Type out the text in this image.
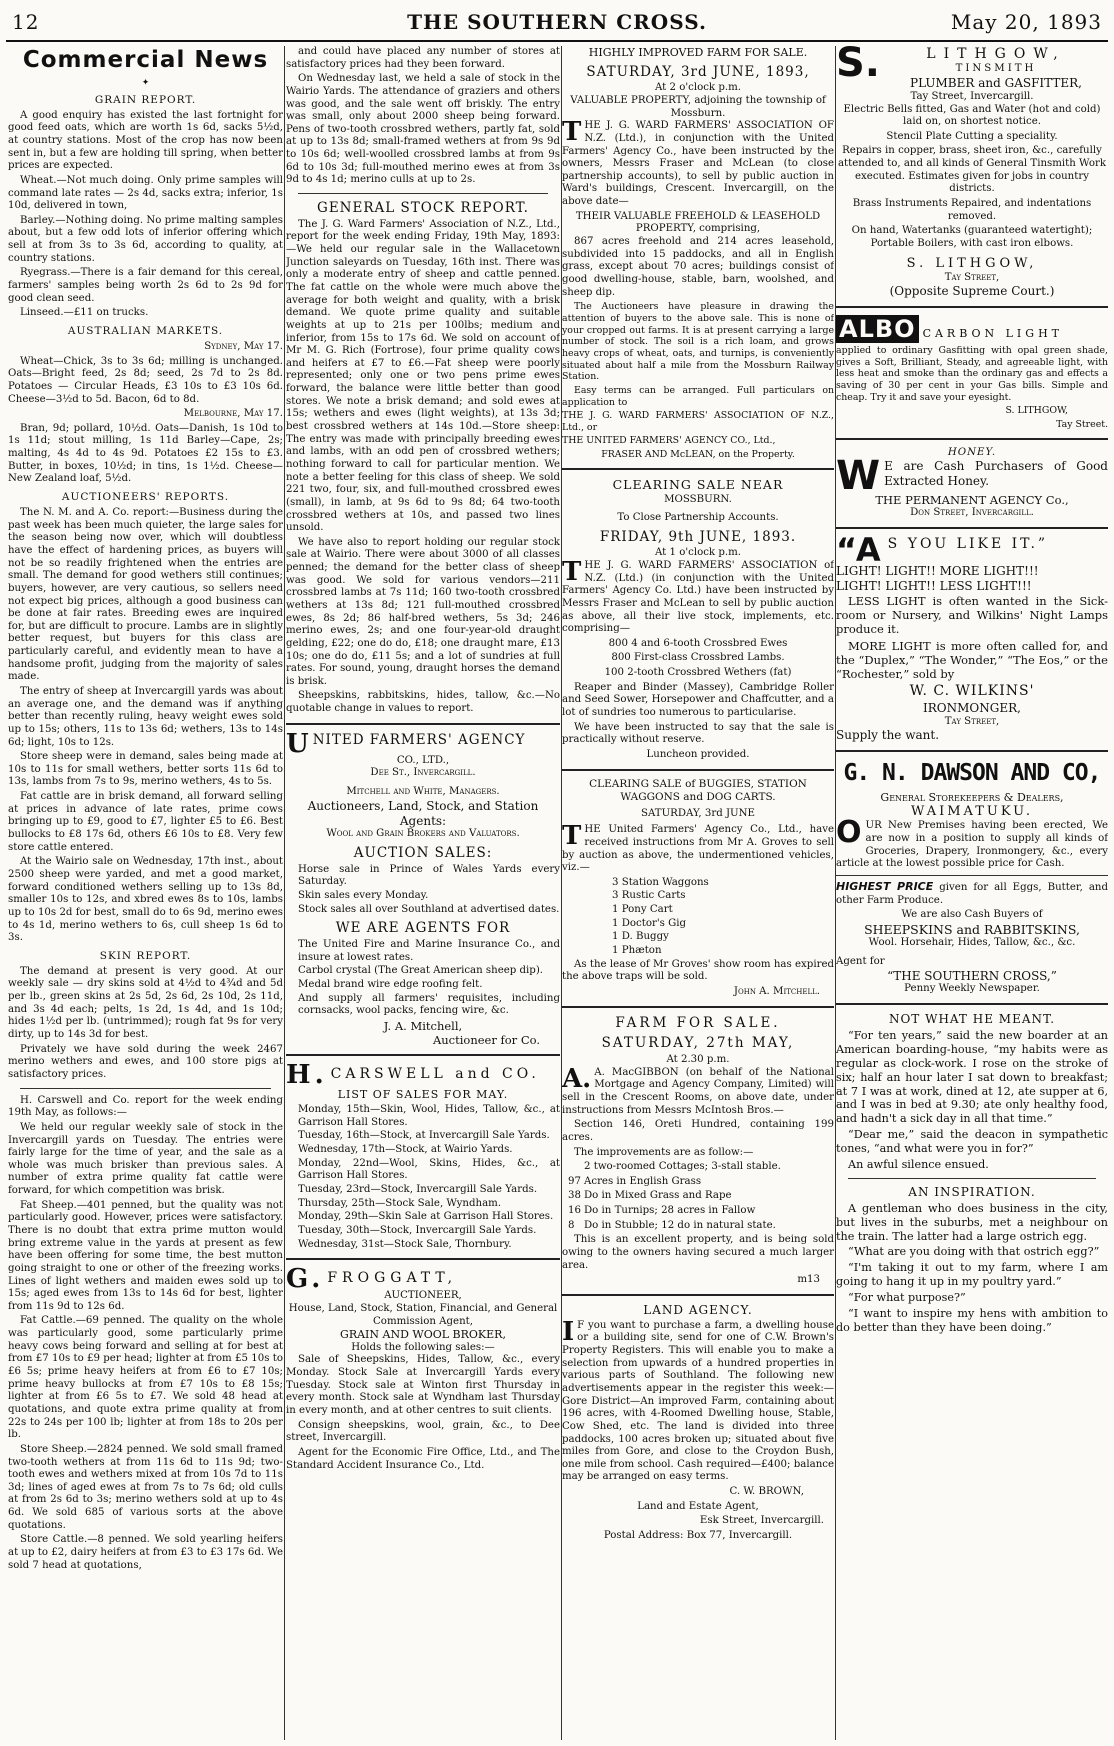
12	THE SOUTHERN CROSS.	May 20, 1893
Commercial News
✦
GRAIN REPORT.

A good enquiry has existed the last fortnight for good feed oats, which are worth 1s 6d, sacks 5½d, at country stations. Most of the crop has now been sent in, but a few are holding till spring, when better prices are expected.

Wheat.—Not much doing. Only prime samples will command late rates — 2s 4d, sacks extra; inferior, 1s 10d, delivered in town,

Barley.—Nothing doing. No prime malting samples about, but a few odd lots of inferior offering which sell at from 3s to 3s 6d, according to quality, at country stations.

Ryegrass.—There is a fair demand for this cereal, farmers' samples being worth 2s 6d to 2s 9d for good clean seed.

Linseed.—£11 on trucks.

AUSTRALIAN MARKETS.

Sydney, May 17.

Wheat—Chick, 3s to 3s 6d; milling is unchanged. Oats—Bright feed, 2s 8d; seed, 2s 7d to 2s 8d. Potatoes — Circular Heads, £3 10s to £3 10s 6d. Cheese—3½d to 5d. Bacon, 6d to 8d.

Melbourne, May 17.

Bran, 9d; pollard, 10½d. Oats—Danish, 1s 10d to 1s 11d; stout milling, 1s 11d Barley—Cape, 2s; malting, 4s 4d to 4s 9d. Potatoes £2 15s to £3. Butter, in boxes, 10½d; in tins, 1s 1½d. Cheese—New Zealand loaf, 5½d.

AUCTIONEERS' REPORTS.

The N. M. and A. Co. report:—Business during the past week has been much quieter, the large sales for the season being now over, which will doubtless have the effect of hardening prices, as buyers will not be so readily frightened when the entries are small. The demand for good wethers still continues; buyers, however, are very cautious, so sellers need not expect big prices, although a good business can be done at fair rates. Breeding ewes are inquired for, but are difficult to procure. Lambs are in slightly better request, but buyers for this class are particularly careful, and evidently mean to have a handsome profit, judging from the majority of sales made.

The entry of sheep at Invercargill yards was about an average one, and the demand was if anything better than recently ruling, heavy weight ewes sold up to 15s; others, 11s to 13s 6d; wethers, 13s to 14s 6d; light, 10s to 12s.

Store sheep were in demand, sales being made at 10s to 11s for small wethers, better sorts 11s 6d to 13s, lambs from 7s to 9s, merino wethers, 4s to 5s.

Fat cattle are in brisk demand, all forward selling at prices in advance of late rates, prime cows bringing up to £9, good to £7, lighter £5 to £6. Best bullocks to £8 17s 6d, others £6 10s to £8. Very few store cattle entered.

At the Wairio sale on Wednesday, 17th inst., about 2500 sheep were yarded, and met a good market, forward conditioned wethers selling up to 13s 8d, smaller 10s to 12s, and xbred ewes 8s to 10s, lambs up to 10s 2d for best, small do to 6s 9d, merino ewes to 4s 1d, merino wethers to 6s, cull sheep 1s 6d to 3s.

SKIN REPORT.

The demand at present is very good. At our weekly sale — dry skins sold at 4½d to 4¾d and 5d per lb., green skins at 2s 5d, 2s 6d, 2s 10d, 2s 11d, and 3s 4d each; pelts, 1s 2d, 1s 4d, and 1s 10d; hides 1½d per lb. (untrimmed); rough fat 9s for very dirty, up to 14s 3d for best.

Privately we have sold during the week 2467 merino wethers and ewes, and 100 store pigs at satisfactory prices.

H. Carswell and Co. report for the week ending 19th May, as follows:—

We held our regular weekly sale of stock in the Invercargill yards on Tuesday. The entries were fairly large for the time of year, and the sale as a whole was much brisker than previous sales. A number of extra prime quality fat cattle were forward, for which competition was brisk.

Fat Sheep.—401 penned, but the quality was not particularly good. However, prices were satisfactory. There is no doubt that extra prime mutton would bring extreme value in the yards at present as few have been offering for some time, the best mutton going straight to one or other of the freezing works. Lines of light wethers and maiden ewes sold up to 15s; aged ewes from 13s to 14s 6d for best, lighter from 11s 9d to 12s 6d.

Fat Cattle.—69 penned. The quality on the whole was particularly good, some particularly prime heavy cows being forward and selling at for best at from £7 10s to £9 per head; lighter at from £5 10s to £6 5s; prime heavy heifers at from £6 to £7 10s; prime heavy bullocks at from £7 10s to £8 15s; lighter at from £6 5s to £7. We sold 48 head at quotations, and quote extra prime quality at from 22s to 24s per 100 lb; lighter at from 18s to 20s per lb.

Store Sheep.—2824 penned. We sold small framed two-tooth wethers at from 11s 6d to 11s 9d; two-tooth ewes and wethers mixed at from 10s 7d to 11s 3d; lines of aged ewes at from 7s to 7s 6d; old culls at from 2s 6d to 3s; merino wethers sold at up to 4s 6d. We sold 685 of various sorts at the above quotations.

Store Cattle.—8 penned. We sold yearling heifers at up to £2, dairy heifers at from £3 to £3 17s 6d. We sold 7 head at quotations,

and could have placed any number of stores at satisfactory prices had they been forward.

On Wednesday last, we held a sale of stock in the Wairio Yards. The attendance of graziers and others was good, and the sale went off briskly. The entry was small, only about 2000 sheep being forward. Pens of two-tooth crossbred wethers, partly fat, sold at up to 13s 8d; small-framed wethers at from 9s 9d to 10s 6d; well-woolled crossbred lambs at from 9s 6d to 10s 3d; full-mouthed merino ewes at from 3s 9d to 4s 1d; merino culls at up to 2s.

GENERAL STOCK REPORT.

The J. G. Ward Farmers' Association of N.Z., Ltd., report for the week ending Friday, 19th May, 1893:—We held our regular sale in the Wallacetown Junction saleyards on Tuesday, 16th inst. There was only a moderate entry of sheep and cattle penned. The fat cattle on the whole were much above the average for both weight and quality, with a brisk demand. We quote prime quality and suitable weights at up to 21s per 100lbs; medium and inferior, from 15s to 17s 6d. We sold on account of Mr M. G. Rich (Fortrose), four prime quality cows and heifers at £7 to £6.—Fat sheep were poorly represented; only one or two pens prime ewes forward, the balance were little better than good stores. We note a brisk demand; and sold ewes at 15s; wethers and ewes (light weights), at 13s 3d; best crossbred wethers at 14s 10d.—Store sheep: The entry was made with principally breeding ewes and lambs, with an odd pen of crossbred wethers; nothing forward to call for particular mention. We note a better feeling for this class of sheep. We sold 221 two, four, six, and full-mouthed crossbred ewes (small), in lamb, at 9s 6d to 9s 8d; 64 two-tooth crossbred wethers at 10s, and passed two lines unsold.

We have also to report holding our regular stock sale at Wairio. There were about 3000 of all classes penned; the demand for the better class of sheep was good. We sold for various vendors—211 crossbred lambs at 7s 11d; 160 two-tooth crossbred wethers at 13s 8d; 121 full-mouthed crossbred ewes, 8s 2d; 86 half-bred wethers, 5s 3d; 246 merino ewes, 2s; and one four-year-old draught gelding, £22; one do do, £18; one draught mare, £13 10s; one do do, £11 5s; and a lot of sundries at full rates. For sound, young, draught horses the demand is brisk.

Sheepskins, rabbitskins, hides, tallow, &c.—No quotable change in values to report.

UNITED FARMERS' AGENCY
CO., LTD.,
Dee St., Invercargill.
Mitchell and White, Managers.
Auctioneers, Land, Stock, and Station Agents:
Wool and Grain Brokers and Valuators.
AUCTION SALES:

Horse sale in Prince of Wales Yards every Saturday.

Skin sales every Monday.

Stock sales all over Southland at advertised dates.

WE ARE AGENTS FOR

The United Fire and Marine Insurance Co., and insure at lowest rates.

Carbol crystal (The Great American sheep dip).

Medal brand wire edge roofing felt.

And supply all farmers' requisites, including cornsacks, wool packs, fencing wire, &c.

J. A. Mitchell,
Auctioneer for Co.
H. CARSWELL and CO.
LIST OF SALES FOR MAY.

Monday, 15th—Skin, Wool, Hides, Tallow, &c., at Garrison Hall Stores.

Tuesday, 16th—Stock, at Invercargill Sale Yards.

Wednesday, 17th—Stock, at Wairio Yards.

Monday, 22nd—Wool, Skins, Hides, &c., at Garrison Hall Stores.

Tuesday, 23rd—Stock, Invercargill Sale Yards.

Thursday, 25th—Stock Sale, Wyndham.

Monday, 29th—Skin Sale at Garrison Hall Stores.

Tuesday, 30th—Stock, Invercargill Sale Yards.

Wednesday, 31st—Stock Sale, Thornbury.

G. FROGGATT,
AUCTIONEER,
House, Land, Stock, Station, Financial, and General Commission Agent,
GRAIN AND WOOL BROKER,
Holds the following sales:—

Sale of Sheepskins, Hides, Tallow, &c., every Monday. Stock Sale at Invercargill Yards every Tuesday. Stock sale at Winton first Thursday in every month. Stock sale at Wyndham last Thursday in every month, and at other centres to suit clients.

Consign sheepskins, wool, grain, &c., to Dee street, Invercargill.

Agent for the Economic Fire Office, Ltd., and The Standard Accident Insurance Co., Ltd.

HIGHLY IMPROVED FARM FOR SALE.
SATURDAY, 3rd JUNE, 1893,
At 2 o'clock p.m.
VALUABLE PROPERTY, adjoining the township of Mossburn.

THE J. G. WARD FARMERS' ASSOCIATION OF N.Z. (Ltd.), in conjunction with the United Farmers' Agency Co., have been instructed by the owners, Messrs Fraser and McLean (to close partnership accounts), to sell by public auction in Ward's buildings, Crescent. Invercargill, on the above date—

THEIR VALUABLE FREEHOLD & LEASEHOLD PROPERTY, comprising,

867 acres freehold and 214 acres leasehold, subdivided into 15 paddocks, and all in English grass, except about 70 acres; buildings consist of good dwelling-house, stable, barn, woolshed, and sheep dip.

The Auctioneers have pleasure in drawing the attention of buyers to the above sale. This is none of your cropped out farms. It is at present carrying a large number of stock. The soil is a rich loam, and grows heavy crops of wheat, oats, and turnips, is conveniently situated about half a mile from the Mossburn Railway Station.

Easy terms can be arranged. Full particulars on application to

THE J. G. WARD FARMERS' ASSOCIATION OF N.Z., Ltd., or

THE UNITED FARMERS' AGENCY CO., Ltd.,

FRASER AND McLEAN, on the Property.

CLEARING SALE NEAR
MOSSBURN.
To Close Partnership Accounts.
FRIDAY, 9th JUNE, 1893.
At 1 o'clock p.m.

THE J. G. WARD FARMERS' ASSOCIATION of N.Z. (Ltd.) (in conjunction with the United Farmers' Agency Co. Ltd.) have been instructed by Messrs Fraser and McLean to sell by public auction as above, all their live stock, implements, etc. comprising—

800 4 and 6-tooth Crossbred Ewes

800 First-class Crossbred Lambs.

100 2-tooth Crossbred Wethers (fat)

Reaper and Binder (Massey), Cambridge Roller and Seed Sower, Horsepower and Chaffcutter, and a lot of sundries too numerous to particularise.

We have been instructed to say that the sale is practically without reserve.

Luncheon provided.

CLEARING SALE of BUGGIES, STATION WAGGONS and DOG CARTS.
SATURDAY, 3rd JUNE

THE United Farmers' Agency Co., Ltd., have received instructions from Mr A. Groves to sell by auction as above, the undermentioned vehicles, viz.—

3 Station Waggons

3 Rustic Carts

1 Pony Cart

1 Doctor's Gig

1 D. Buggy

1 Phæton

As the lease of Mr Groves' show room has expired the above traps will be sold.

John A. Mitchell.

FARM FOR SALE.
SATURDAY, 27th MAY,
At 2.30 p.m.

A. A. MacGIBBON (on behalf of the National Mortgage and Agency Company, Limited) will sell in the Crescent Rooms, on above date, under instructions from Messrs McIntosh Bros.—

Section 146, Oreti Hundred, containing 199 acres.

The improvements are as follow:—

2 two-roomed Cottages; 3-stall stable.

97 Acres in English Grass

38 Do in Mixed Grass and Rape

16 Do in Turnips; 28 acres in Fallow

8 Do in Stubble; 12 do in natural state.

This is an excellent property, and is being sold owing to the owners having secured a much larger area.

m13

LAND AGENCY.

I F you want to purchase a farm, a dwelling house or a building site, send for one of C.W. Brown's Property Registers. This will enable you to make a selection from upwards of a hundred properties in various parts of Southland. The following new advertisements appear in the register this week:—Gore District—An improved Farm, containing about 196 acres, with 4-Roomed Dwelling house, Stable, Cow Shed, etc. The land is divided into three paddocks, 100 acres broken up; situated about five miles from Gore, and close to the Croydon Bush, one mile from school. Cash required—£400; balance may be arranged on easy terms.

C. W. BROWN,

Land and Estate Agent,

Esk Street, Invercargill.

Postal Address: Box 77, Invercargill.

S.	LITHGOW,
TINSMITH
PLUMBER and GASFITTER,
Tay Street, Invercargill.

Electric Bells fitted, Gas and Water (hot and cold) laid on, on shortest notice.

Stencil Plate Cutting a speciality.

Repairs in copper, brass, sheet iron, &c., carefully attended to, and all kinds of General Tinsmith Work executed. Estimates given for jobs in country districts.

Brass Instruments Repaired, and indentations removed.

On hand, Watertanks (guaranteed watertight); Portable Boilers, with cast iron elbows.

S. LITHGOW,
Tay Street,
(Opposite Supreme Court.)
ALBO CARBON LIGHT

applied to ordinary Gasfitting with opal green shade, gives a Soft, Brilliant, Steady, and agreeable light, with less heat and smoke than the ordinary gas and effects a saving of 30 per cent in your Gas bills. Simple and cheap. Try it and save your eyesight.

S. LITHGOW,

Tay Street.

HONEY.

W E are Cash Purchasers of Good Extracted Honey.

THE PERMANENT AGENCY Co.,
Don Street, Invercargill.
“A S YOU LIKE IT.”
LIGHT! LIGHT!! MORE LIGHT!!!
LIGHT! LIGHT!! LESS LIGHT!!!

LESS LIGHT is often wanted in the Sick-room or Nursery, and Wilkins' Night Lamps produce it.

MORE LIGHT is more often called for, and the “Duplex,” “The Wonder,” “The Eos,” or the “Rochester,” sold by

W. C. WILKINS'
IRONMONGER,
Tay Street,
Supply the want.
G. N. DAWSON AND CO,
General Storekeepers & Dealers,
WAIMATUKU.

OUR New Premises having been erected, We are now in a position to supply all kinds of Groceries, Drapery, Ironmongery, &c., every article at the lowest possible price for Cash.

HIGHEST PRICE given for all Eggs, Butter, and other Farm Produce.

We are also Cash Buyers of
SHEEPSKINS and RABBITSKINS,
Wool. Horsehair, Hides, Tallow, &c., &c.
Agent for
“THE SOUTHERN CROSS,”
Penny Weekly Newspaper.
NOT WHAT HE MEANT.

“For ten years,” said the new boarder at an American boarding-house, “my habits were as regular as clock-work. I rose on the stroke of six; half an hour later I sat down to breakfast; at 7 I was at work, dined at 12, ate supper at 6, and I was in bed at 9.30; ate only healthy food, and hadn't a sick day in all that time.”

“Dear me,” said the deacon in sympathetic tones, “and what were you in for?”

An awful silence ensued.

AN INSPIRATION.

A gentleman who does business in the city, but lives in the suburbs, met a neighbour on the train. The latter had a large ostrich egg.

“What are you doing with that ostrich egg?”

“I'm taking it out to my farm, where I am going to hang it up in my poultry yard.”

“For what purpose?”

“I want to inspire my hens with ambition to do better than they have been doing.”
